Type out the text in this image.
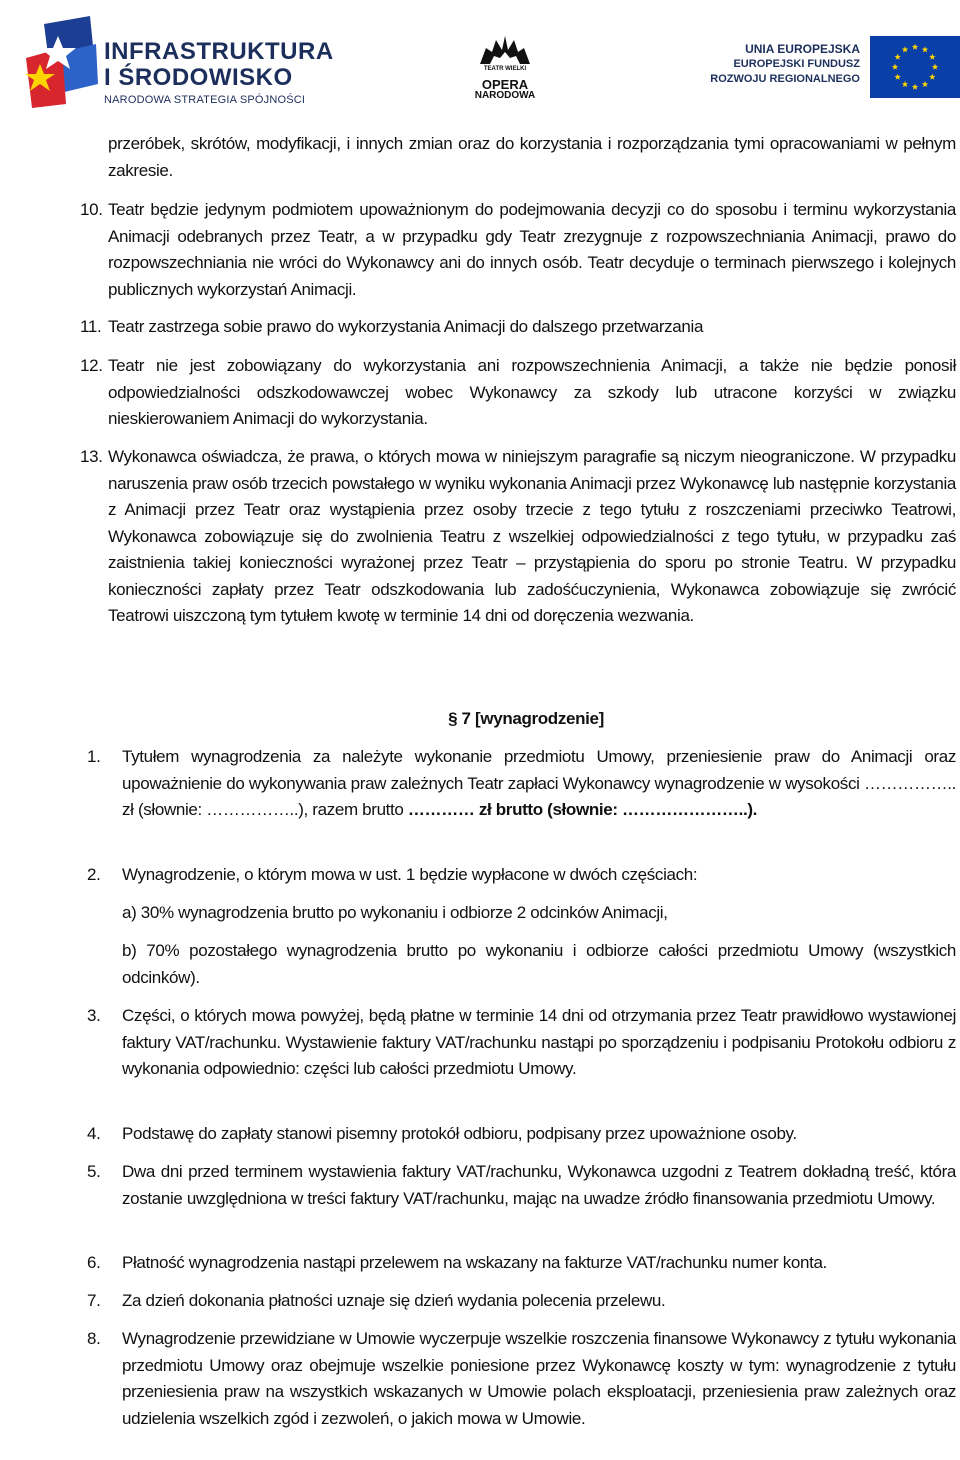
INFRASTRUKTURA
I ŚRODOWISKO
NARODOWA STRATEGIA SPÓJNOŚCI
TEATR WIELKI
OPERA
NARODOWA
UNIA EUROPEJSKA
EUROPEJSKI FUNDUSZ
ROZWOJU REGIONALNEGO
przeróbek, skrótów, modyfikacji, i innych zmian oraz do korzystania i rozporządzania tymi opracowaniami w pełnym zakresie.
10. Teatr będzie jedynym podmiotem upoważnionym do podejmowania decyzji co do sposobu i terminu wykorzystania Animacji odebranych przez Teatr, a w przypadku gdy Teatr zrezygnuje z rozpowszechniania Animacji, prawo do rozpowszechniania nie wróci do Wykonawcy ani do innych osób. Teatr decyduje o terminach pierwszego i kolejnych publicznych wykorzystań Animacji.
11. Teatr zastrzega sobie prawo do wykorzystania Animacji do dalszego przetwarzania
12. Teatr nie jest zobowiązany do wykorzystania ani rozpowszechnienia Animacji, a także nie będzie ponosił odpowiedzialności odszkodowawczej wobec Wykonawcy za szkody lub utracone korzyści w związku nieskierowaniem Animacji do wykorzystania.
13. Wykonawca oświadcza, że prawa, o których mowa w niniejszym paragrafie są niczym nieograniczone. W przypadku naruszenia praw osób trzecich powstałego w wyniku wykonania Animacji przez Wykonawcę lub następnie korzystania z Animacji przez Teatr oraz wystąpienia przez osoby trzecie z tego tytułu z roszczeniami przeciwko Teatrowi, Wykonawca zobowiązuje się do zwolnienia Teatru z wszelkiej odpowiedzialności z tego tytułu, w przypadku zaś zaistnienia takiej konieczności wyrażonej przez Teatr – przystąpienia do sporu po stronie Teatru. W przypadku konieczności zapłaty przez Teatr odszkodowania lub zadośćuczynienia, Wykonawca zobowiązuje się zwrócić Teatrowi uiszczoną tym tytułem kwotę w terminie 14 dni od doręczenia wezwania.
§ 7 [wynagrodzenie]
1. Tytułem wynagrodzenia za należyte wykonanie przedmiotu Umowy, przeniesienie praw do Animacji oraz upoważnienie do wykonywania praw zależnych Teatr zapłaci Wykonawcy wynagrodzenie w wysokości …………….. zł (słownie: ……………..), razem brutto ………… zł brutto (słownie: …………………..).
2. Wynagrodzenie, o którym mowa w ust. 1 będzie wypłacone w dwóch częściach:
a) 30% wynagrodzenia brutto po wykonaniu i odbiorze 2 odcinków Animacji,
b) 70% pozostałego wynagrodzenia brutto po wykonaniu i odbiorze całości przedmiotu Umowy (wszystkich odcinków).
3. Części, o których mowa powyżej, będą płatne w terminie 14 dni od otrzymania przez Teatr prawidłowo wystawionej faktury VAT/rachunku. Wystawienie faktury VAT/rachunku nastąpi po sporządzeniu i podpisaniu Protokołu odbioru z wykonania odpowiednio: części lub całości przedmiotu Umowy.
4. Podstawę do zapłaty stanowi pisemny protokół odbioru, podpisany przez upoważnione osoby.
5. Dwa dni przed terminem wystawienia faktury VAT/rachunku, Wykonawca uzgodni z Teatrem dokładną treść, która zostanie uwzględniona w treści faktury VAT/rachunku, mając na uwadze źródło finansowania przedmiotu Umowy.
6. Płatność wynagrodzenia nastąpi przelewem na wskazany na fakturze VAT/rachunku numer konta.
7. Za dzień dokonania płatności uznaje się dzień wydania polecenia przelewu.
8. Wynagrodzenie przewidziane w Umowie wyczerpuje wszelkie roszczenia finansowe Wykonawcy z tytułu wykonania przedmiotu Umowy oraz obejmuje wszelkie poniesione przez Wykonawcę koszty w tym: wynagrodzenie z tytułu przeniesienia praw na wszystkich wskazanych w Umowie polach eksploatacji, przeniesienia praw zależnych oraz udzielenia wszelkich zgód i zezwoleń, o jakich mowa w Umowie.
